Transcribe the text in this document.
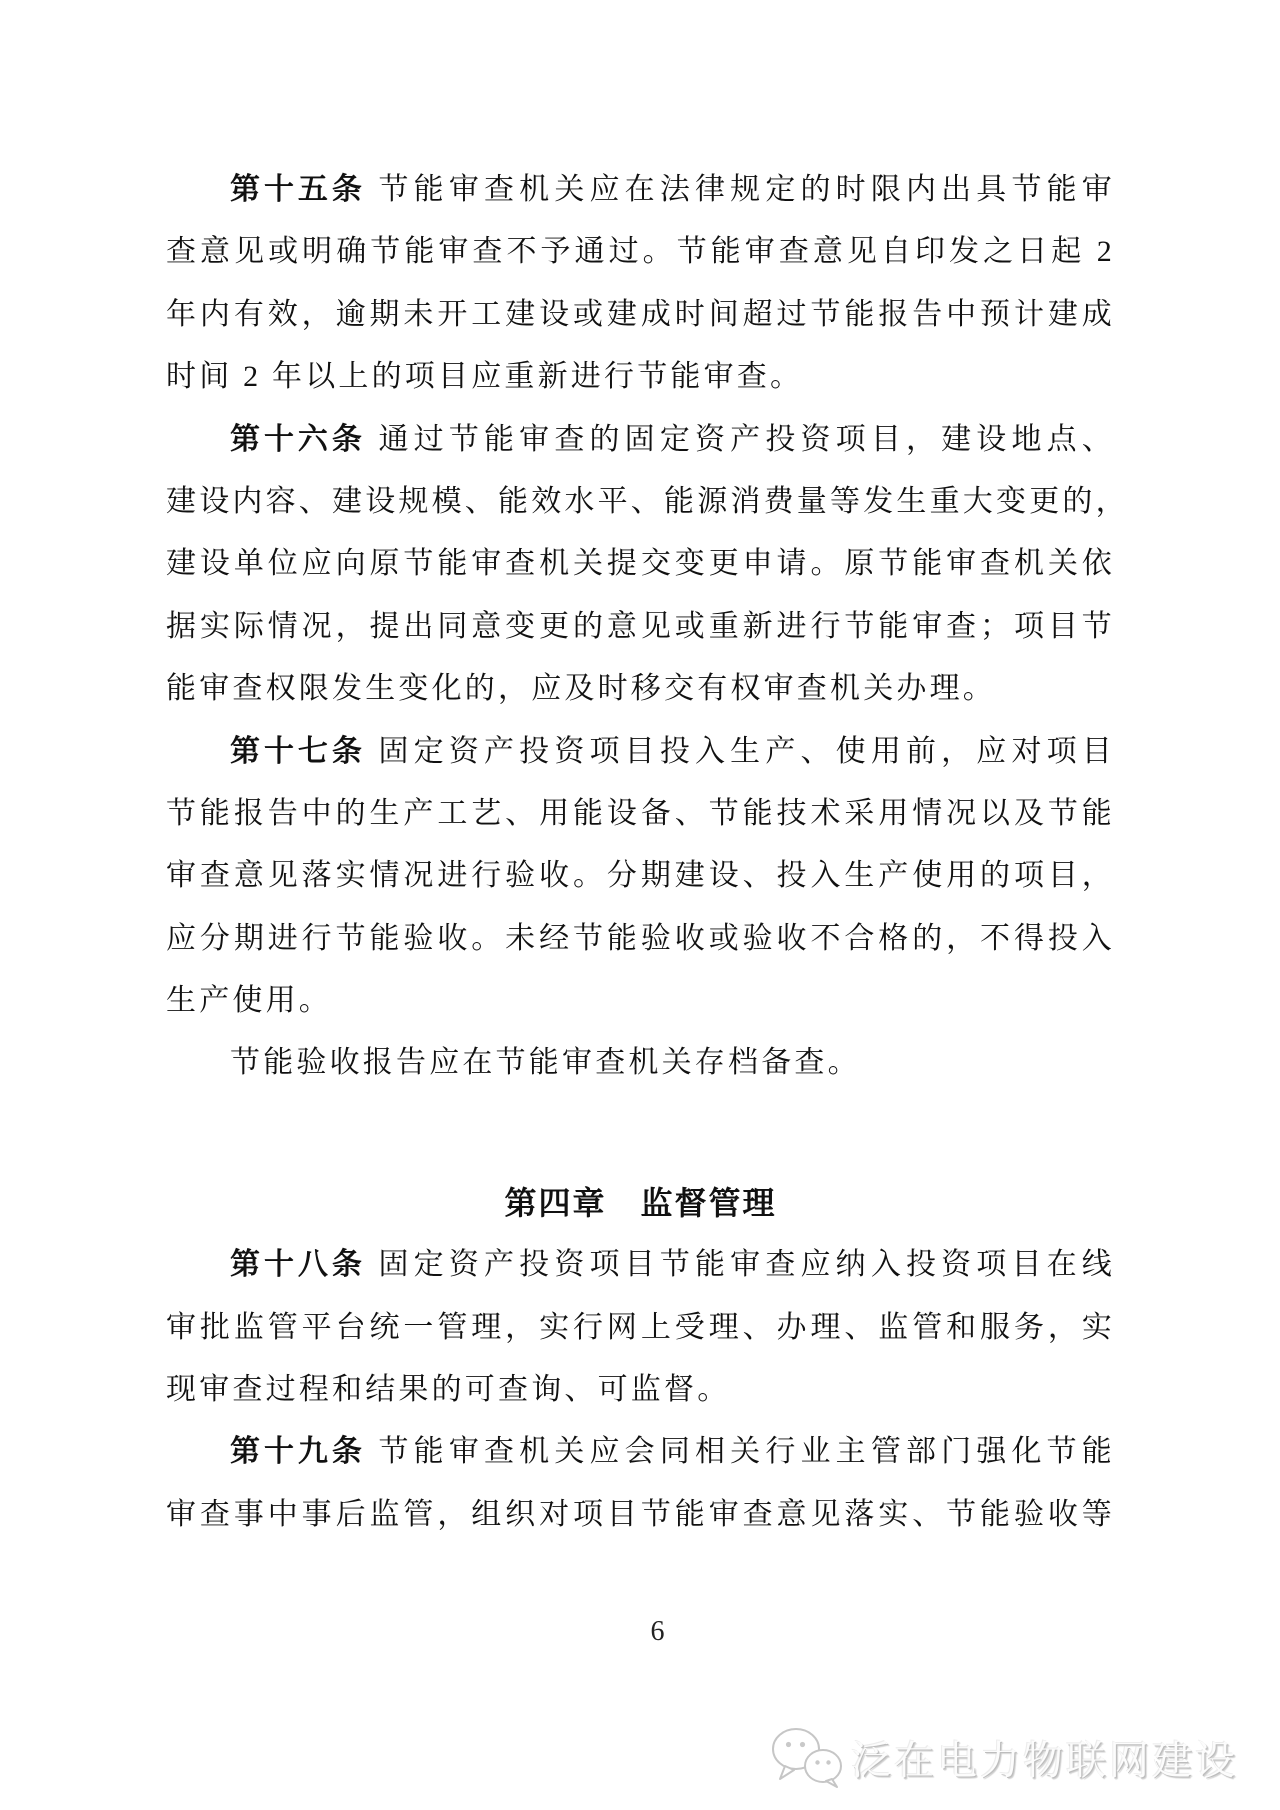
第十五条 节能审查机关应在法律规定的时限内出具节能审
查意见或明确节能审查不予通过。节能审查意见自印发之日起 2
年内有效，逾期未开工建设或建成时间超过节能报告中预计建成
时间 2 年以上的项目应重新进行节能审查。
第十六条 通过节能审查的固定资产投资项目，建设地点、
建设内容、建设规模、能效水平、能源消费量等发生重大变更的，
建设单位应向原节能审查机关提交变更申请。原节能审查机关依
据实际情况，提出同意变更的意见或重新进行节能审查；项目节
能审查权限发生变化的，应及时移交有权审查机关办理。
第十七条 固定资产投资项目投入生产、使用前，应对项目
节能报告中的生产工艺、用能设备、节能技术采用情况以及节能
审查意见落实情况进行验收。分期建设、投入生产使用的项目，
应分期进行节能验收。未经节能验收或验收不合格的，不得投入
生产使用。
节能验收报告应在节能审查机关存档备查。
第四章　监督管理
第十八条 固定资产投资项目节能审查应纳入投资项目在线
审批监管平台统一管理，实行网上受理、办理、监管和服务，实
现审查过程和结果的可查询、可监督。
第十九条 节能审查机关应会同相关行业主管部门强化节能
审查事中事后监管，组织对项目节能审查意见落实、节能验收等
6
泛在电力物联网建设
